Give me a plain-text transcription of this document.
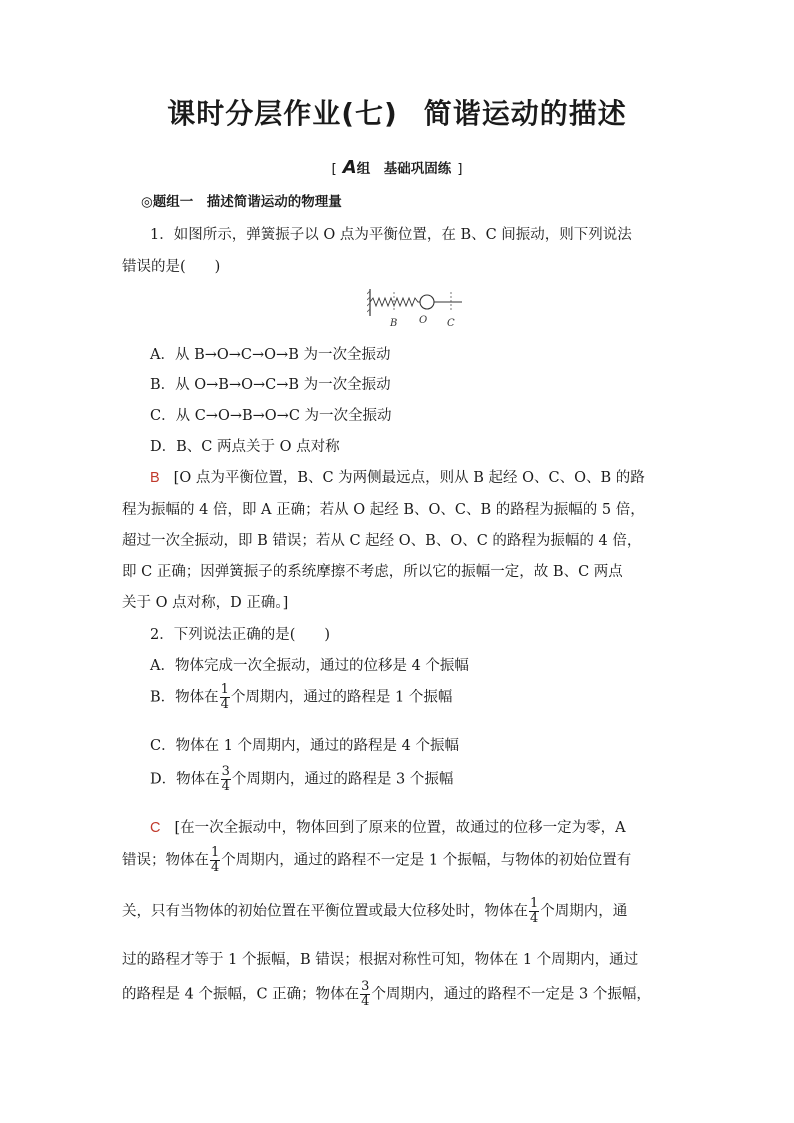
课时分层作业(七) 简谐运动的描述
[ A组　基础巩固练 ]
◎题组一　描述简谐运动的物理量
1．如图所示，弹簧振子以 O 点为平衡位置，在 B、C 间振动，则下列说法
错误的是(　　)
B O C
A．从 B→O→C→O→B 为一次全振动
B．从 O→B→O→C→B 为一次全振动
C．从 C→O→B→O→C 为一次全振动
D．B、C 两点关于 O 点对称
B [O 点为平衡位置，B、C 为两侧最远点，则从 B 起经 O、C、O、B 的路
程为振幅的 4 倍，即 A 正确；若从 O 起经 B、O、C、B 的路程为振幅的 5 倍，
超过一次全振动，即 B 错误；若从 C 起经 O、B、O、C 的路程为振幅的 4 倍，
即 C 正确；因弹簧振子的系统摩擦不考虑，所以它的振幅一定，故 B、C 两点
关于 O 点对称，D 正确。]
2．下列说法正确的是(　　)
A．物体完成一次全振动，通过的位移是 4 个振幅
B．物体在 $\frac{1}{4}$ 个周期内，通过的路程是 1 个振幅
C．物体在 1 个周期内，通过的路程是 4 个振幅
D．物体在 $\frac{3}{4}$ 个周期内，通过的路程是 3 个振幅
C [在一次全振动中，物体回到了原来的位置，故通过的位移一定为零，A
错误；物体在 $\frac{1}{4}$ 个周期内，通过的路程不一定是 1 个振幅，与物体的初始位置有
关，只有当物体的初始位置在平衡位置或最大位移处时，物体在 $\frac{1}{4}$ 个周期内，通
过的路程才等于 1 个振幅，B 错误；根据对称性可知，物体在 1 个周期内，通过
的路程是 4 个振幅，C 正确；物体在 $\frac{3}{4}$ 个周期内，通过的路程不一定是 3 个振幅，
